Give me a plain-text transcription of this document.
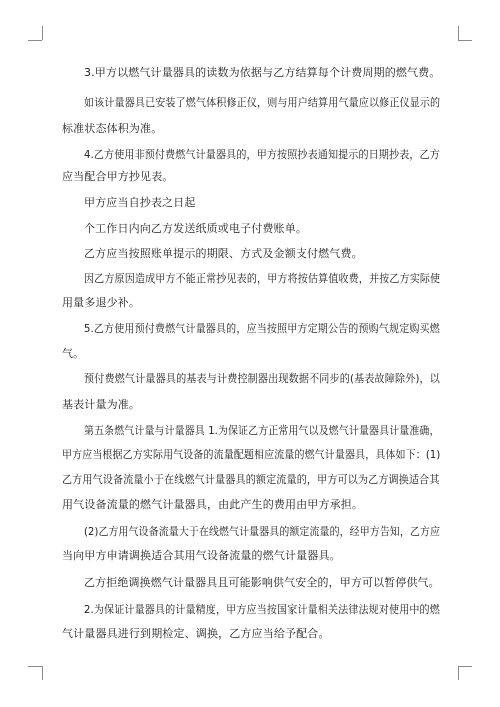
3.甲方以燃气计量器具的读数为依据与乙方结算每个计费周期的燃气费。
如该计量器具已安装了燃气体积修正仪，则与用户结算用气量应以修正仪显示的
标准状态体积为准。
4.乙方使用非预付费燃气计量器具的，甲方按照抄表通知提示的日期抄表，乙方
应当配合甲方抄见表。
甲方应当自抄表之日起
个工作日内向乙方发送纸质或电子付费账单。
乙方应当按照账单提示的期限、方式及金额支付燃气费。
因乙方原因造成甲方不能正常抄见表的，甲方将按估算值收费，并按乙方实际使
用量多退少补。
5.乙方使用预付费燃气计量器具的，应当按照甲方定期公告的预购气规定购买燃
气。
预付费燃气计量器具的基表与计费控制器出现数据不同步的(基表故障除外)，以
基表计量为准。
第五条燃气计量与计量器具 1.为保证乙方正常用气以及燃气计量器具计量准确，
甲方应当根据乙方实际用气设备的流量配题相应流量的燃气计量器具，具体如下：(1)
乙方用气设备流量小于在线燃气计量器具的额定流量的，甲方可以为乙方调换适合其
用气设备流量的燃气计量器具，由此产生的费用由甲方承担。
(2)乙方用气设备流量大于在线燃气计量器具的额定流量的，经甲方告知，乙方应
当向甲方申请调换适合其用气设备流量的燃气计量器具。
乙方拒绝调换燃气计量器具且可能影响供气安全的，甲方可以暂停供气。
2.为保证计量器具的计量精度，甲方应当按国家计量相关法律法规对使用中的燃
气计量器具进行到期检定、调换，乙方应当给予配合。
